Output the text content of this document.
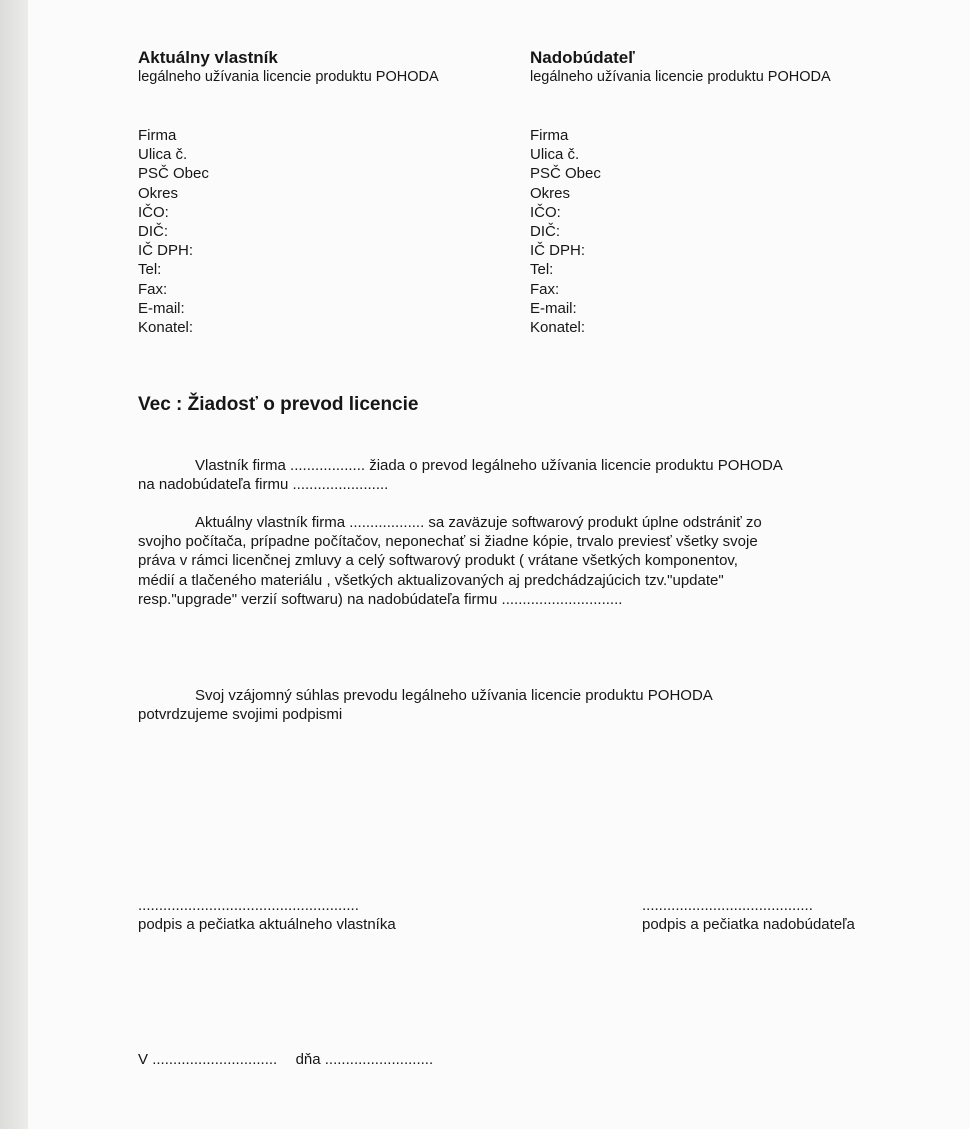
Aktuálny vlastník
legálneho užívania licencie produktu POHODA
Firma
Ulica č.
PSČ Obec
Okres
IČO:
DIČ:
IČ DPH:
Tel:
Fax:
E-mail:
Konatel:
Nadobúdateľ
legálneho užívania licencie produktu POHODA
Firma
Ulica č.
PSČ Obec
Okres
IČO:
DIČ:
IČ DPH:
Tel:
Fax:
E-mail:
Konatel:
Vec : Žiadosť o prevod licencie
Vlastník firma .................. žiada o prevod legálneho užívania licencie produktu POHODA
na nadobúdateľa firmu .......................
Aktuálny vlastník firma .................. sa zaväzuje softwarový produkt úplne odstrániť zo
svojho počítača, prípadne počítačov, neponechať si žiadne kópie, trvalo previesť všetky svoje
práva v rámci licenčnej zmluvy a celý softwarový produkt ( vrátane všetkých komponentov,
médií a tlačeného materiálu , všetkých aktualizovaných aj predchádzajúcich tzv."update"
resp."upgrade" verzií softwaru) na nadobúdateľa firmu .............................
Svoj vzájomný súhlas prevodu legálneho užívania licencie produktu POHODA
potvrdzujeme svojimi podpismi
.....................................................
podpis a pečiatka aktuálneho vlastníka
.........................................
podpis a pečiatka nadobúdateľa
V .............................. dňa ..........................
